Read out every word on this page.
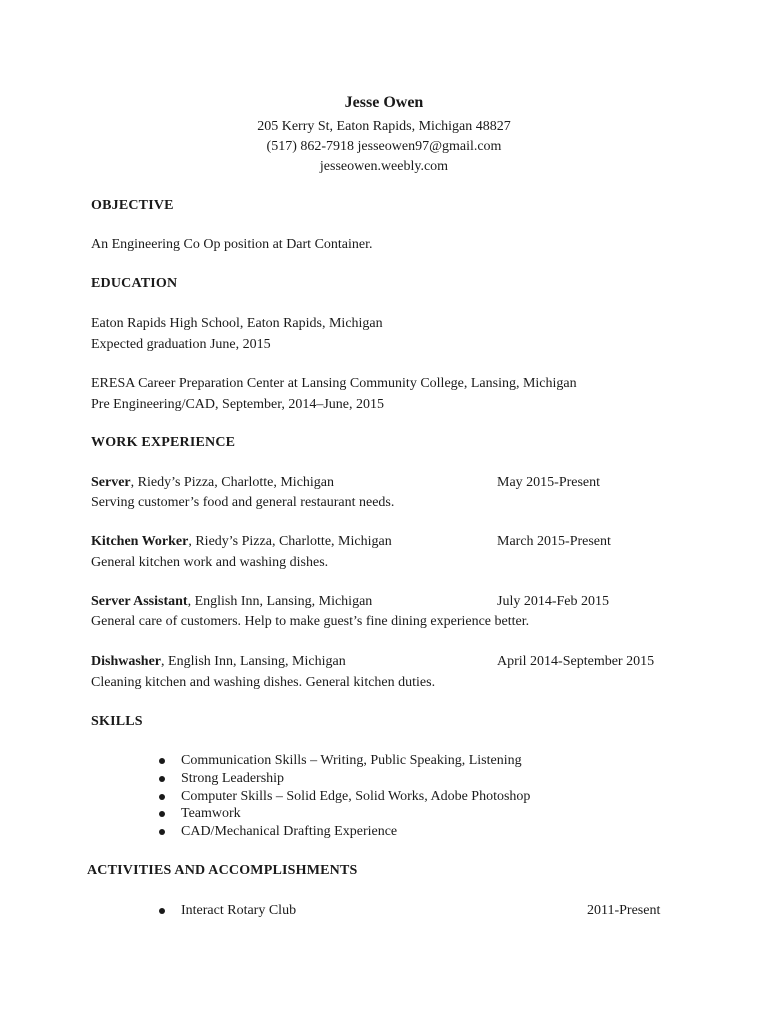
Jesse Owen
205 Kerry St, Eaton Rapids, Michigan 48827
(517) 862-7918 jesseowen97@gmail.com
jesseowen.weebly.com
OBJECTIVE
An Engineering Co Op position at Dart Container.
EDUCATION
Eaton Rapids High School, Eaton Rapids, Michigan
Expected graduation June, 2015
ERESA Career Preparation Center at Lansing Community College, Lansing, Michigan
Pre Engineering/CAD, September, 2014–June, 2015
WORK EXPERIENCE
Server, Riedy’s Pizza, Charlotte, Michigan	May 2015-Present
Serving customer’s food and general restaurant needs.
Kitchen Worker, Riedy’s Pizza, Charlotte, Michigan	March 2015-Present
General kitchen work and washing dishes.
Server Assistant, English Inn, Lansing, Michigan	July 2014-Feb 2015
General care of customers. Help to make guest’s fine dining experience better.
Dishwasher, English Inn, Lansing, Michigan	April 2014-September 2015
Cleaning kitchen and washing dishes. General kitchen duties.
SKILLS
Communication Skills – Writing, Public Speaking, Listening
Strong Leadership
Computer Skills – Solid Edge, Solid Works, Adobe Photoshop
Teamwork
CAD/Mechanical Drafting Experience
ACTIVITIES AND ACCOMPLISHMENTS
Interact Rotary Club	2011-Present
